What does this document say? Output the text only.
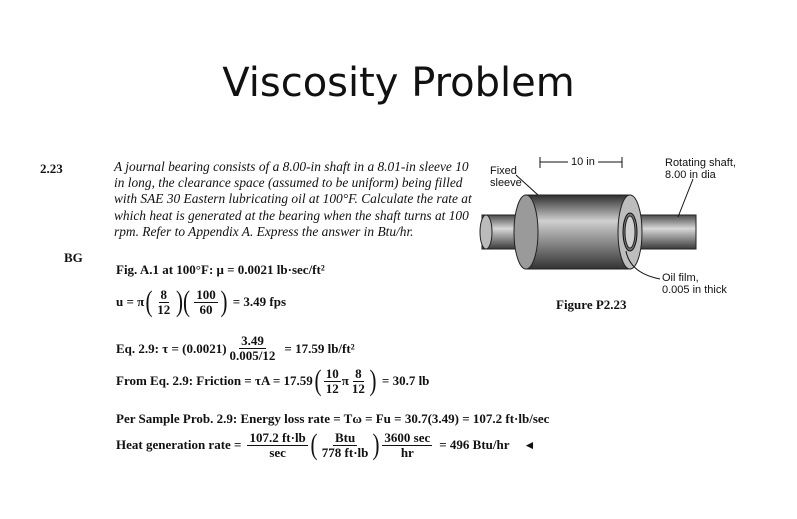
Viscosity Problem
2.23
BG
A journal bearing consists of a 8.00-in shaft in a 8.01-in sleeve 10 in long, the clearance space (assumed to be uniform) being filled with SAE 30 Eastern lubricating oil at 100°F. Calculate the rate at which heat is generated at the bearing when the shaft turns at 100 rpm. Refer to Appendix A. Express the answer in Btu/hr.
10 in
Fixed
sleeve
Rotating shaft,
8.00 in dia
Oil film,
0.005 in thick
Figure P2.23
Fig. A.1 at 100°F: μ = 0.0021 lb·sec/ft²
u = π ( $\frac{8}{12}$ )( $\frac{100}{60}$ ) = 3.49 fps
Eq. 2.9: $\tau = (0.0021) \frac{3.49}{0.005/12} = 17.59$ lb/ft²
From Eq. 2.9: Friction = τA = 17.59 ( $\frac{10}{12}$ π $\frac{8}{12}$ ) = 30.7 lb
Per Sample Prob. 2.9: Energy loss rate = Tω = Fu = 30.7(3.49) = 107.2 ft·lb/sec
Heat generation rate = $\frac{107.2 ft\cdot lb}{\sec}$ ( $\frac{\text{Btu}}{778 ft\cdot lb}$ ) $\frac{3600 \sec}{hr} = 496$ Btu/hr ◄
